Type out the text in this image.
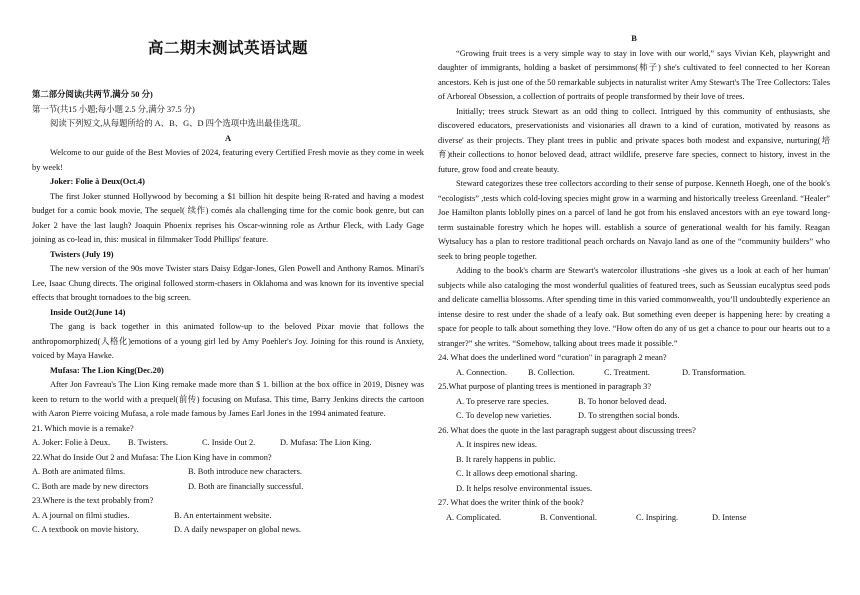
高二期末测试英语试题

第二部分阅读(共两节,满分 50 分)

第一节(共15 小题;每小题 2.5 分,满分 37.5 分)

阅读下列短文,从每题所给的 A、B、G、D 四个选项中选出最佳选项。

A

Welcome to our guide of the Best Movies of 2024, featuring every Certified Fresh movie as they come in week by week!

Joker: Folie à Deux(Oct.4)

The first Joker stunned Hollywood by becoming a $1 billion hit despite being R-rated and having a modest budget for a comic book movie, The sequel( 续作) comés ala challenging time for the comic book genre, but can Joker 2 have the last laugh? Joaquin Phoenix reprises his Oscar-winning role as Arthur Fleck, with Lady Gage joining as co-lead in, this: musical in filmmaker Todd Phillips' feature.

Twisters (July 19)

The new version of the 90s move Twister stars Daisy Edgar-Jones, Glen Powell and Anthony Ramos. Minari's Lee, Isaac Chung directs. The original followed storm-chasers in Oklahoma and was known for its inventive special effects that brought tornadoes to the big screen.

Inside Out2(June 14)

The gang is back together in this animated follow-up to the beloved Pixar movie that follows the anthropomorphized(人格化)emotions of a young girl led by Amy Poehler's Joy. Joining for this round is Anxiety, voiced by Maya Hawke.

Mufasa: The Lion King(Dec.20)

After Jon Favreau's The Lion King remake made more than $ 1. billion at the box office in 2019, Disney was keen to return to the world with a prequel(前传) focusing on Mufasa. This time, Barry Jenkins directs the cartoon with Aaron Pierre voicing Mufasa, a role made famous by James Earl Jones in the 1994 animated feature.

21. Which movie is a remake?

A. Joker: Folie à Deux.	B. Twisters.	C. Inside Out 2.	D. Mufasa: The Lion King.

22.What do Inside Out 2 and Mufasa: The Lion King have in common?

A. Both are animated films.	B. Both introduce new characters.
C. Both are made by new directors	D. Both are financially successful.

23.Where is the text probably from?

A. A journal on filmi studies.	B. An entertainment website.
C. A textbook on movie history.	D. A daily newspaper on global news.

B

“Growing fruit trees is a very simple way to stay in love with our world,” says Vivian Keh, playwright and daughter of immigrants, holding a basket of persimmons(柿子) she's cultivated to feel connected to her Korean ancestors. Keh is just one of the 50 remarkable subjects in naturalist writer Amy Stewart's The Tree Collectors: Tales of Arboreal Obsession, a collection of portraits of people transformed by their love of trees.

Initially; trees struck Stewart as an odd thing to collect. Intrigued by this community of enthusiasts, she discovered educators, preservationists and visionaries all drawn to a kind of curation, motivated by reasons as diverse' as their projects. They plant trees in public and private spaces both modest and expansive, nurturing(培育)their collections to honor beloved dead, attract wildlife, preserve fare species, connect to history, invest in the future, grow food and create beauty.

Steward categorizes these tree collectors according to their sense of purpose. Kenneth Hoegh, one of the book's “ecologists” ,tests which cold-loving species might grow in a warming and historically treeless Greenland. “Healer” Joe Hamilton plants loblolly pines on a parcel of land he got from his enslaved ancestors with an eye toward long-term sustainable forestry which he hopes will. establish a source of generational wealth for his family. Reagan Wytsalucy has a plan to restore traditional peach orchards on Navajo land as one of the “community builders” who seek to bring people together.

Adding to the book's charm are Stewart's watercolor illustrations -she gives us a look at each of her human' subjects while also cataloging the most wonderful qualities of featured trees, such as Seussian eucalyptus seed pods and delicate camellia blossoms. After spending time in this varied commonwealth, you’ll undoubtedly experience an intense desire to rest under the shade of a leafy oak. But something even deeper is happening here: by creating a space for people to talk about something they love. “How often do any of us get a chance to pour our hearts out to a stranger?” she writes. “Somehow, talking about trees made it possible.”

24. What does the underlined word “curation" in paragraph 2 mean?

A. Connection.	B. Collection.	C. Treatment.	D. Transformation.

25.What purpose of planting trees is mentioned in paragraph 3?

A. To preserve rare species.	B. To honor beloved dead.
C. To develop new varieties.	D. To strengthen social bonds.

26. What does the quote in the last paragraph suggest about discussing trees?

A. It inspires new ideas.
B. It rarely happens in public.
C. It allows deep emotional sharing.
D. It helps resolve environmental issues.

27. What does the writer think of the book?

A. Complicated.	B. Conventional.	C. Inspiring.	D. Intense
